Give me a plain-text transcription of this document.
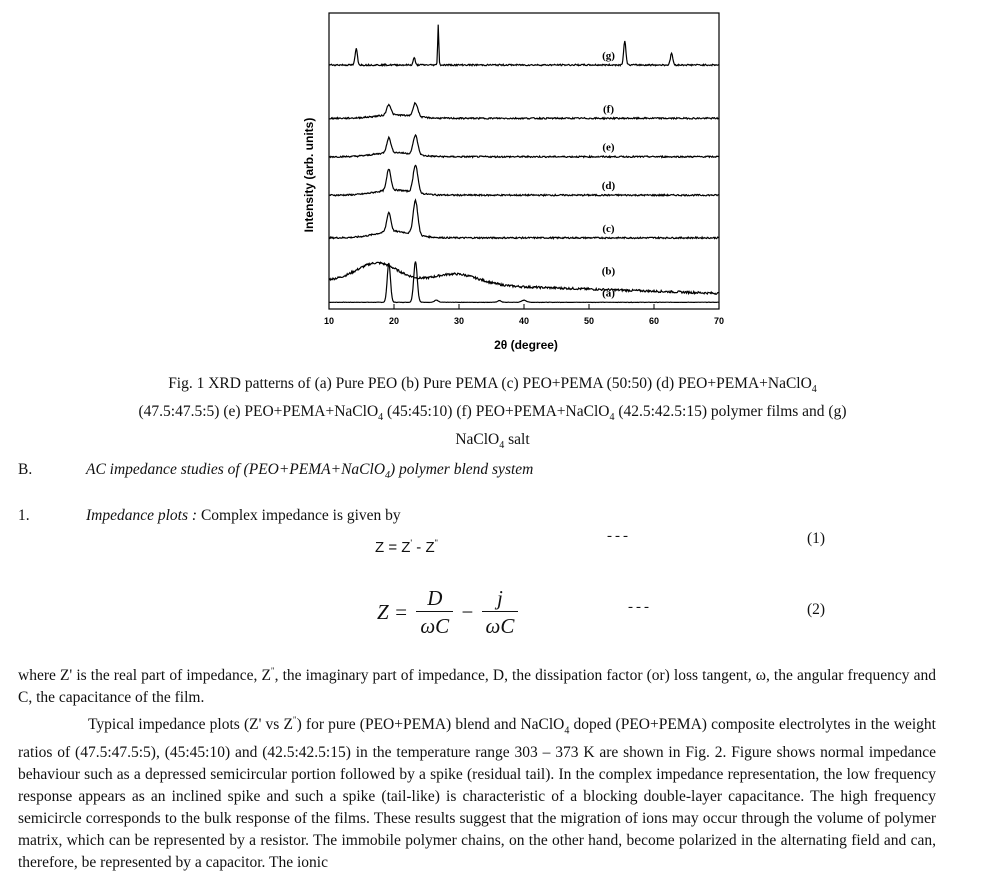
10	20	30	40	50	60	70
(a)
(b)
(c)
(d)
(e)
(f)
(g)
2θ (degree)
Intensity (arb. units)
Fig. 1 XRD patterns of (a) Pure PEO (b) Pure PEMA (c) PEO+PEMA (50:50) (d) PEO+PEMA+NaClO$_4$
(47.5:47.5:5) (e) PEO+PEMA+NaClO$_4$ (45:45:10) (f) PEO+PEMA+NaClO$_4$ (42.5:42.5:15) polymer films and (g)
NaClO$_4$ salt
B.	AC impedance studies of (PEO+PEMA+NaClO$_4$) polymer blend system
1.	Impedance plots : Complex impedance is given by
Z = Z' - Z"	---	(1)
$Z = \frac{D}{\omega C} - \frac{j}{\omega C}$	---	(2)

where Z' is the real part of impedance, Z", the imaginary part of impedance, D, the dissipation factor (or) loss tangent, ω, the angular frequency and C, the capacitance of the film.

Typical impedance plots (Z' vs Z") for pure (PEO+PEMA) blend and NaClO$_4$ doped (PEO+PEMA) composite electrolytes in the weight ratios of (47.5:47.5:5), (45:45:10) and (42.5:42.5:15) in the temperature range 303 – 373 K are shown in Fig. 2. Figure shows normal impedance behaviour such as a depressed semicircular portion followed by a spike (residual tail). In the complex impedance representation, the low frequency response appears as an inclined spike and such a spike (tail-like) is characteristic of a blocking double-layer capacitance. The high frequency semicircle corresponds to the bulk response of the films. These results suggest that the migration of ions may occur through the volume of polymer matrix, which can be represented by a resistor. The immobile polymer chains, on the other hand, become polarized in the alternating field and can, therefore, be represented by a capacitor. The ionic
